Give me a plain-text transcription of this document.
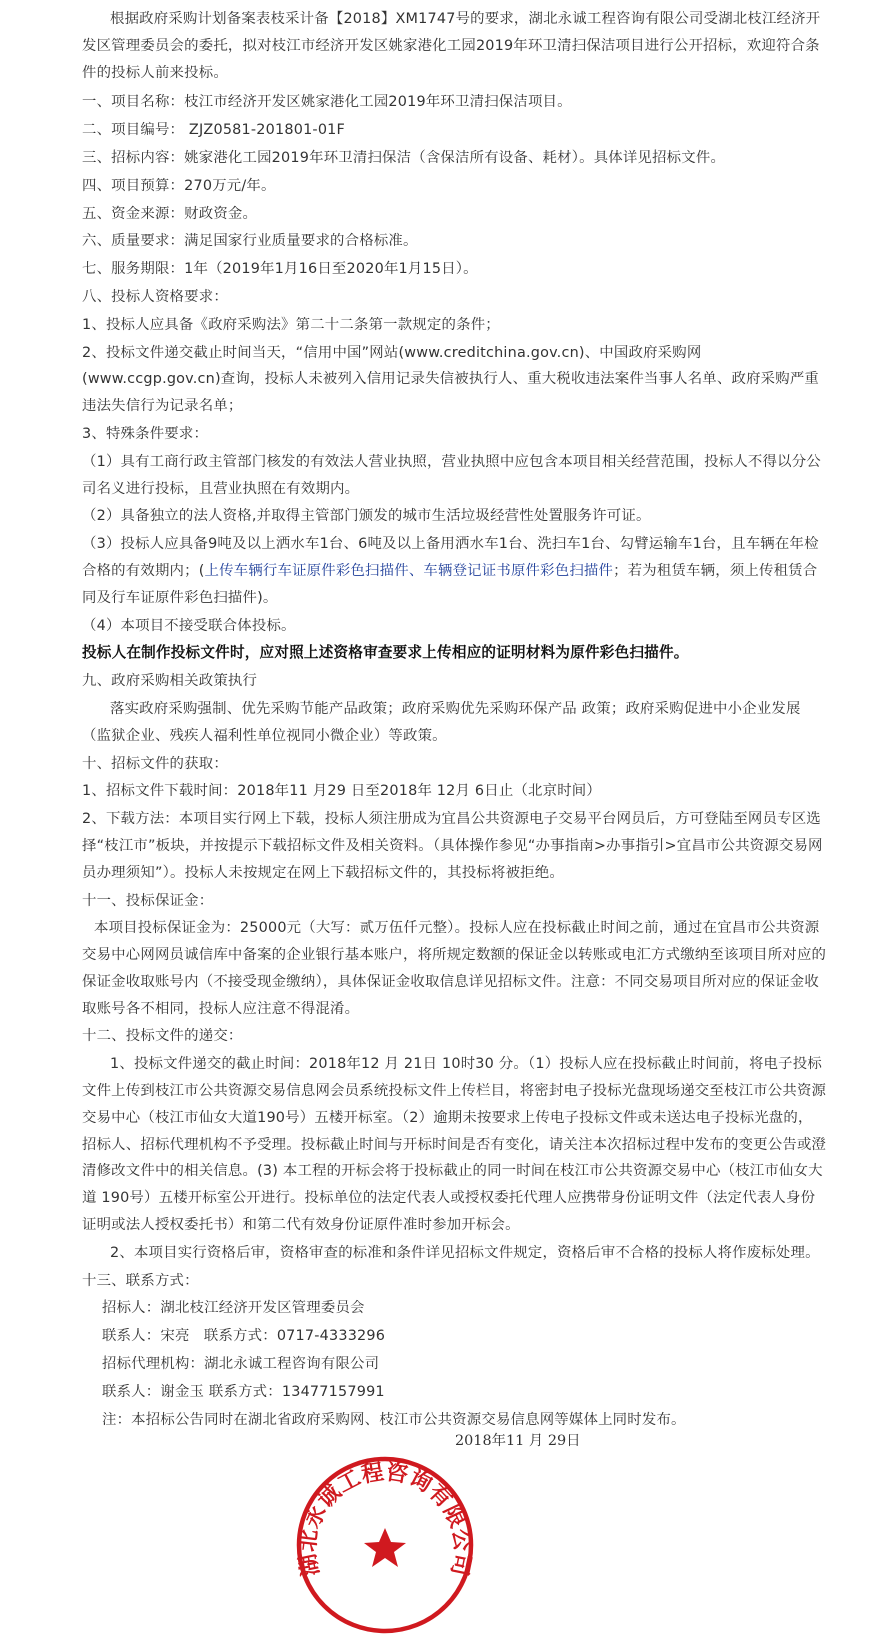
根据政府采购计划备案表枝采计备【2018】XM1747号的要求，湖北永诚工程咨询有限公司受湖北枝江经济开发区管理委员会的委托，拟对枝江市经济开发区姚家港化工园2019年环卫清扫保洁项目进行公开招标，欢迎符合条件的投标人前来投标。

一、项目名称：枝江市经济开发区姚家港化工园2019年环卫清扫保洁项目。

二、项目编号： ZJZ0581-201801-01F

三、招标内容：姚家港化工园2019年环卫清扫保洁（含保洁所有设备、耗材）。具体详见招标文件。

四、项目预算：270万元/年。

五、资金来源：财政资金。

六、质量要求：满足国家行业质量要求的合格标准。

七、服务期限：1年（2019年1月16日至2020年1月15日）。

八、投标人资格要求：

1、投标人应具备《政府采购法》第二十二条第一款规定的条件；

2、投标文件递交截止时间当天，“信用中国”网站(www.creditchina.gov.cn)、中国政府采购网(www.ccgp.gov.cn)查询，投标人未被列入信用记录失信被执行人、重大税收违法案件当事人名单、政府采购严重违法失信行为记录名单；

3、特殊条件要求：

（1）具有工商行政主管部门核发的有效法人营业执照，营业执照中应包含本项目相关经营范围，投标人不得以分公司名义进行投标，且营业执照在有效期内。

（2）具备独立的法人资格,并取得主管部门颁发的城市生活垃圾经营性处置服务许可证。

（3）投标人应具备9吨及以上洒水车1台、6吨及以上备用洒水车1台、洗扫车1台、勾臂运输车1台，且车辆在年检合格的有效期内；(上传车辆行车证原件彩色扫描件、车辆登记证书原件彩色扫描件；若为租赁车辆，须上传租赁合同及行车证原件彩色扫描件)。

（4）本项目不接受联合体投标。

投标人在制作投标文件时，应对照上述资格审查要求上传相应的证明材料为原件彩色扫描件。

九、政府采购相关政策执行

落实政府采购强制、优先采购节能产品政策；政府采购优先采购环保产品 政策；政府采购促进中小企业发展（监狱企业、残疾人福利性单位视同小微企业）等政策。

十、招标文件的获取：

1、招标文件下载时间：2018年11 月29 日至2018年 12月 6日止（北京时间）

2、下载方法：本项目实行网上下载，投标人须注册成为宜昌公共资源电子交易平台网员后，方可登陆至网员专区选择“枝江市”板块，并按提示下载招标文件及相关资料。（具体操作参见“办事指南>办事指引>宜昌市公共资源交易网员办理须知”）。投标人未按规定在网上下载招标文件的，其投标将被拒绝。

十一、投标保证金：

本项目投标保证金为：25000元（大写：贰万伍仟元整）。投标人应在投标截止时间之前，通过在宜昌市公共资源交易中心网网员诚信库中备案的企业银行基本账户，将所规定数额的保证金以转账或电汇方式缴纳至该项目所对应的保证金收取账号内（不接受现金缴纳），具体保证金收取信息详见招标文件。注意：不同交易项目所对应的保证金收取账号各不相同，投标人应注意不得混淆。

十二、投标文件的递交：

1、投标文件递交的截止时间：2018年12 月 21日 10时30 分。（1）投标人应在投标截止时间前，将电子投标文件上传到枝江市公共资源交易信息网会员系统投标文件上传栏目，将密封电子投标光盘现场递交至枝江市公共资源交易中心（枝江市仙女大道190号）五楼开标室。（2）逾期未按要求上传电子投标文件或未送达电子投标光盘的，招标人、招标代理机构不予受理。投标截止时间与开标时间是否有变化，请关注本次招标过程中发布的变更公告或澄清修改文件中的相关信息。(3) 本工程的开标会将于投标截止的同一时间在枝江市公共资源交易中心（枝江市仙女大道 190号）五楼开标室公开进行。投标单位的法定代表人或授权委托代理人应携带身份证明文件（法定代表人身份证明或法人授权委托书）和第二代有效身份证原件准时参加开标会。

2、本项目实行资格后审，资格审查的标准和条件详见招标文件规定，资格后审不合格的投标人将作废标处理。

十三、联系方式：

招标人：湖北枝江经济开发区管理委员会

联系人：宋亮   联系方式：0717-4333296

招标代理机构：湖北永诚工程咨询有限公司

联系人：谢金玉 联系方式：13477157991

注：本招标公告同时在湖北省政府采购网、枝江市公共资源交易信息网等媒体上同时发布。

2018年11 月 29日
湖北永诚工程咨询有限公司
